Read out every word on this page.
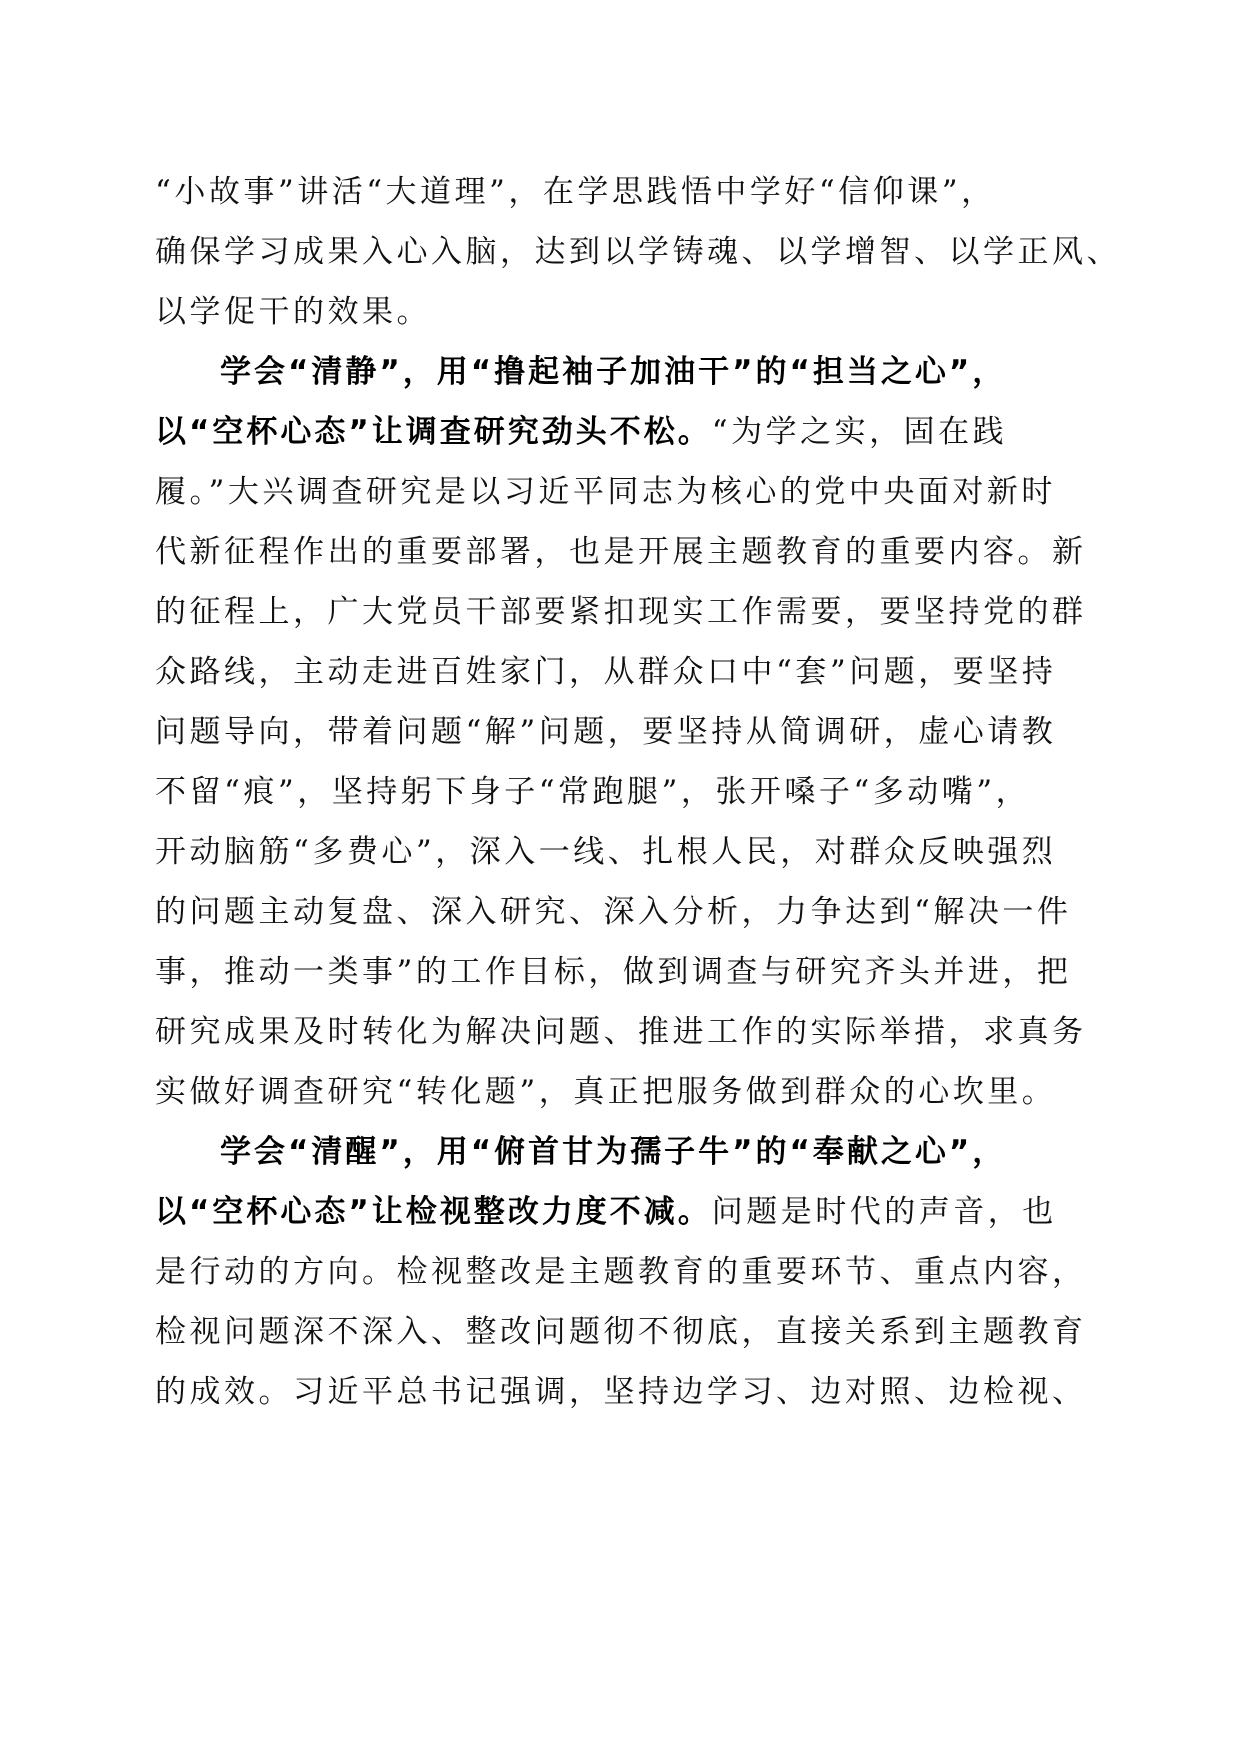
“小故事”讲活“大道理”，在学思践悟中学好“信仰课”，
确保学习成果入心入脑，达到以学铸魂、以学增智、以学正风、
以学促干的效果。
学会“清静”，用“撸起袖子加油干”的“担当之心”，
以“空杯心态”让调查研究劲头不松。“为学之实，固在践
履。”大兴调查研究是以习近平同志为核心的党中央面对新时
代新征程作出的重要部署，也是开展主题教育的重要内容。新
的征程上，广大党员干部要紧扣现实工作需要，要坚持党的群
众路线，主动走进百姓家门，从群众口中“套”问题，要坚持
问题导向，带着问题“解”问题，要坚持从简调研，虚心请教
不留“痕”，坚持躬下身子“常跑腿”，张开嗓子“多动嘴”，
开动脑筋“多费心”，深入一线、扎根人民，对群众反映强烈
的问题主动复盘、深入研究、深入分析，力争达到“解决一件
事，推动一类事”的工作目标，做到调查与研究齐头并进，把
研究成果及时转化为解决问题、推进工作的实际举措，求真务
实做好调查研究“转化题”，真正把服务做到群众的心坎里。
学会“清醒”，用“俯首甘为孺子牛”的“奉献之心”，
以“空杯心态”让检视整改力度不减。问题是时代的声音，也
是行动的方向。检视整改是主题教育的重要环节、重点内容，
检视问题深不深入、整改问题彻不彻底，直接关系到主题教育
的成效。习近平总书记强调，坚持边学习、边对照、边检视、
